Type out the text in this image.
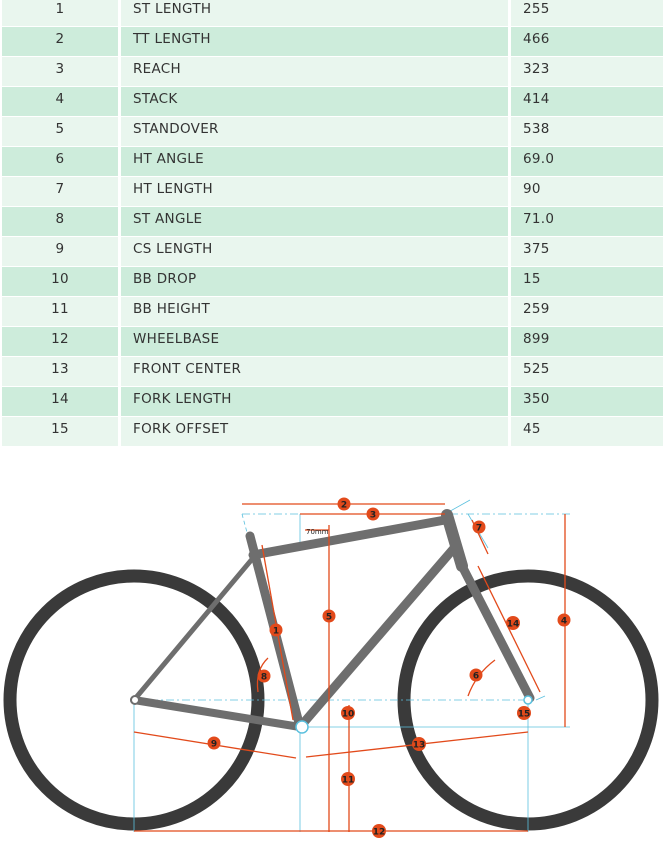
1	ST LENGTH	255
2	TT LENGTH	466
3	REACH	323
4	STACK	414
5	STANDOVER	538
6	HT ANGLE	69.0
7	HT LENGTH	90
8	ST ANGLE	71.0
9	CS LENGTH	375
10	BB DROP	15
11	BB HEIGHT	259
12	WHEELBASE	899
13	FRONT CENTER	525
14	FORK LENGTH	350
15	FORK OFFSET	45
70mm
1
2
3
4
5
6
7
8
9
10
11
12
13
14
15
